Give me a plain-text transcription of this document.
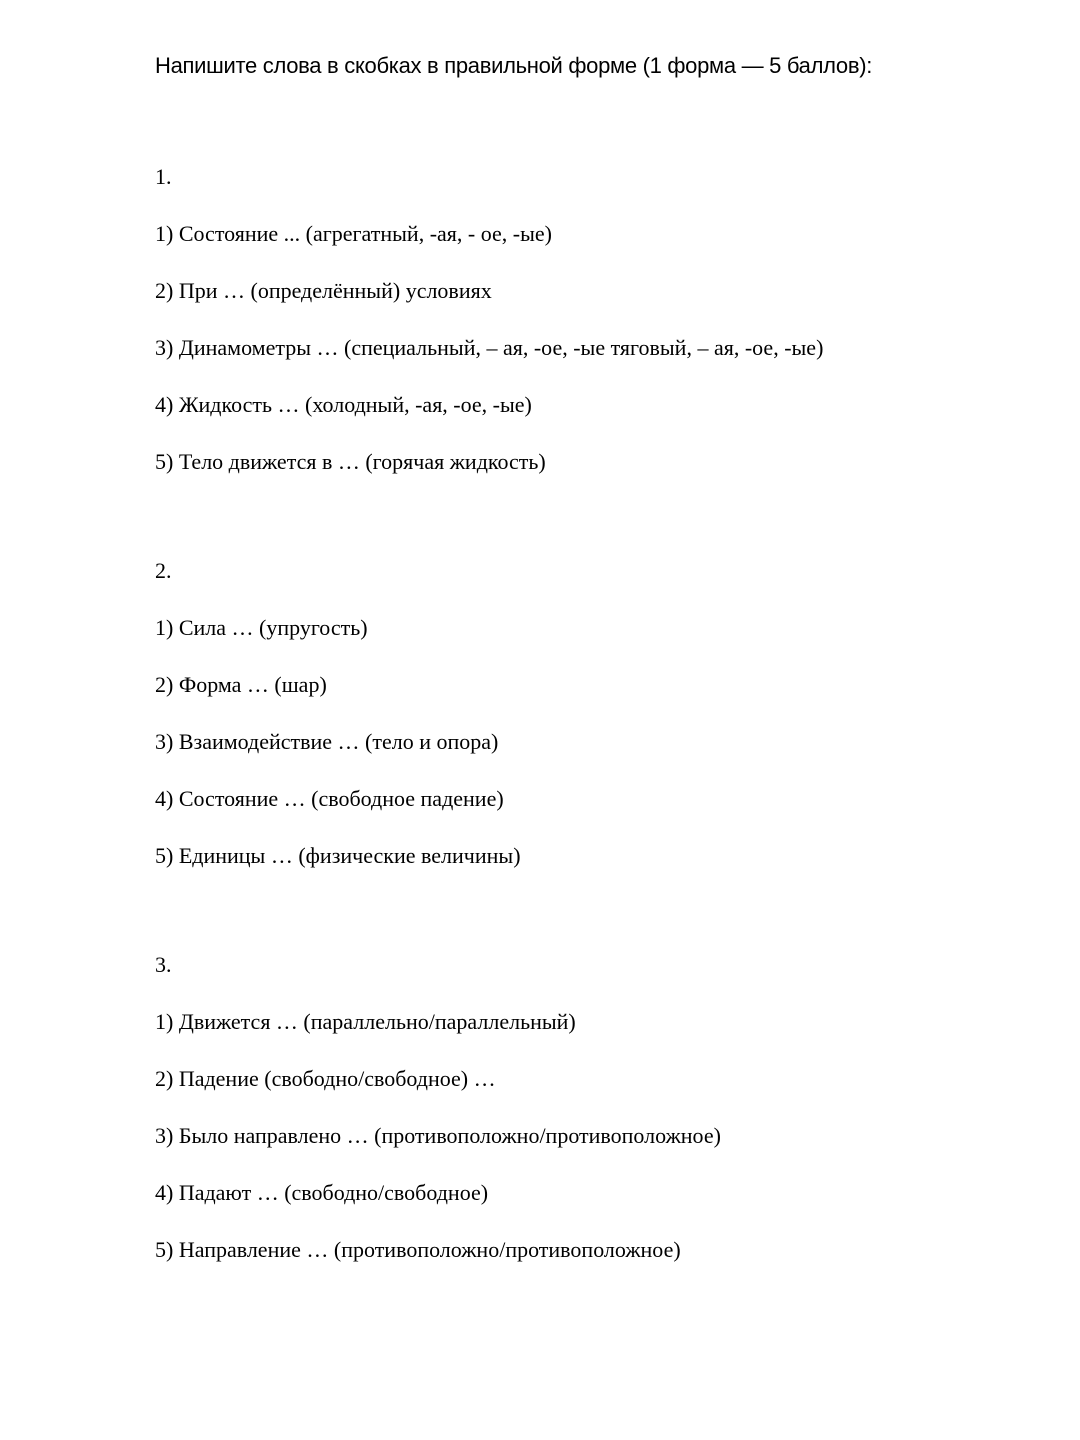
Напишите слова в скобках в правильной форме (1 форма — 5 баллов):

1.

1) Состояние ... (агрегатный, -ая, - ое, -ые)
2) При … (определённый) условиях
3) Динамометры … (специальный, – ая, -ое, -ые тяговый, – ая, -ое, -ые)
4) Жидкость … (холодный, -ая, -ое, -ые)
5) Тело движется в … (горячая жидкость)

2.

1) Сила … (упругость)
2) Форма … (шар)
3) Взаимодействие … (тело и опора)
4) Состояние … (свободное падение)
5) Единицы … (физические величины)

3.

1) Движется … (параллельно/параллельный)
2) Падение (свободно/свободное) …
3) Было направлено … (противоположно/противоположное)
4) Падают … (свободно/свободное)
5) Направление … (противоположно/противоположное)
